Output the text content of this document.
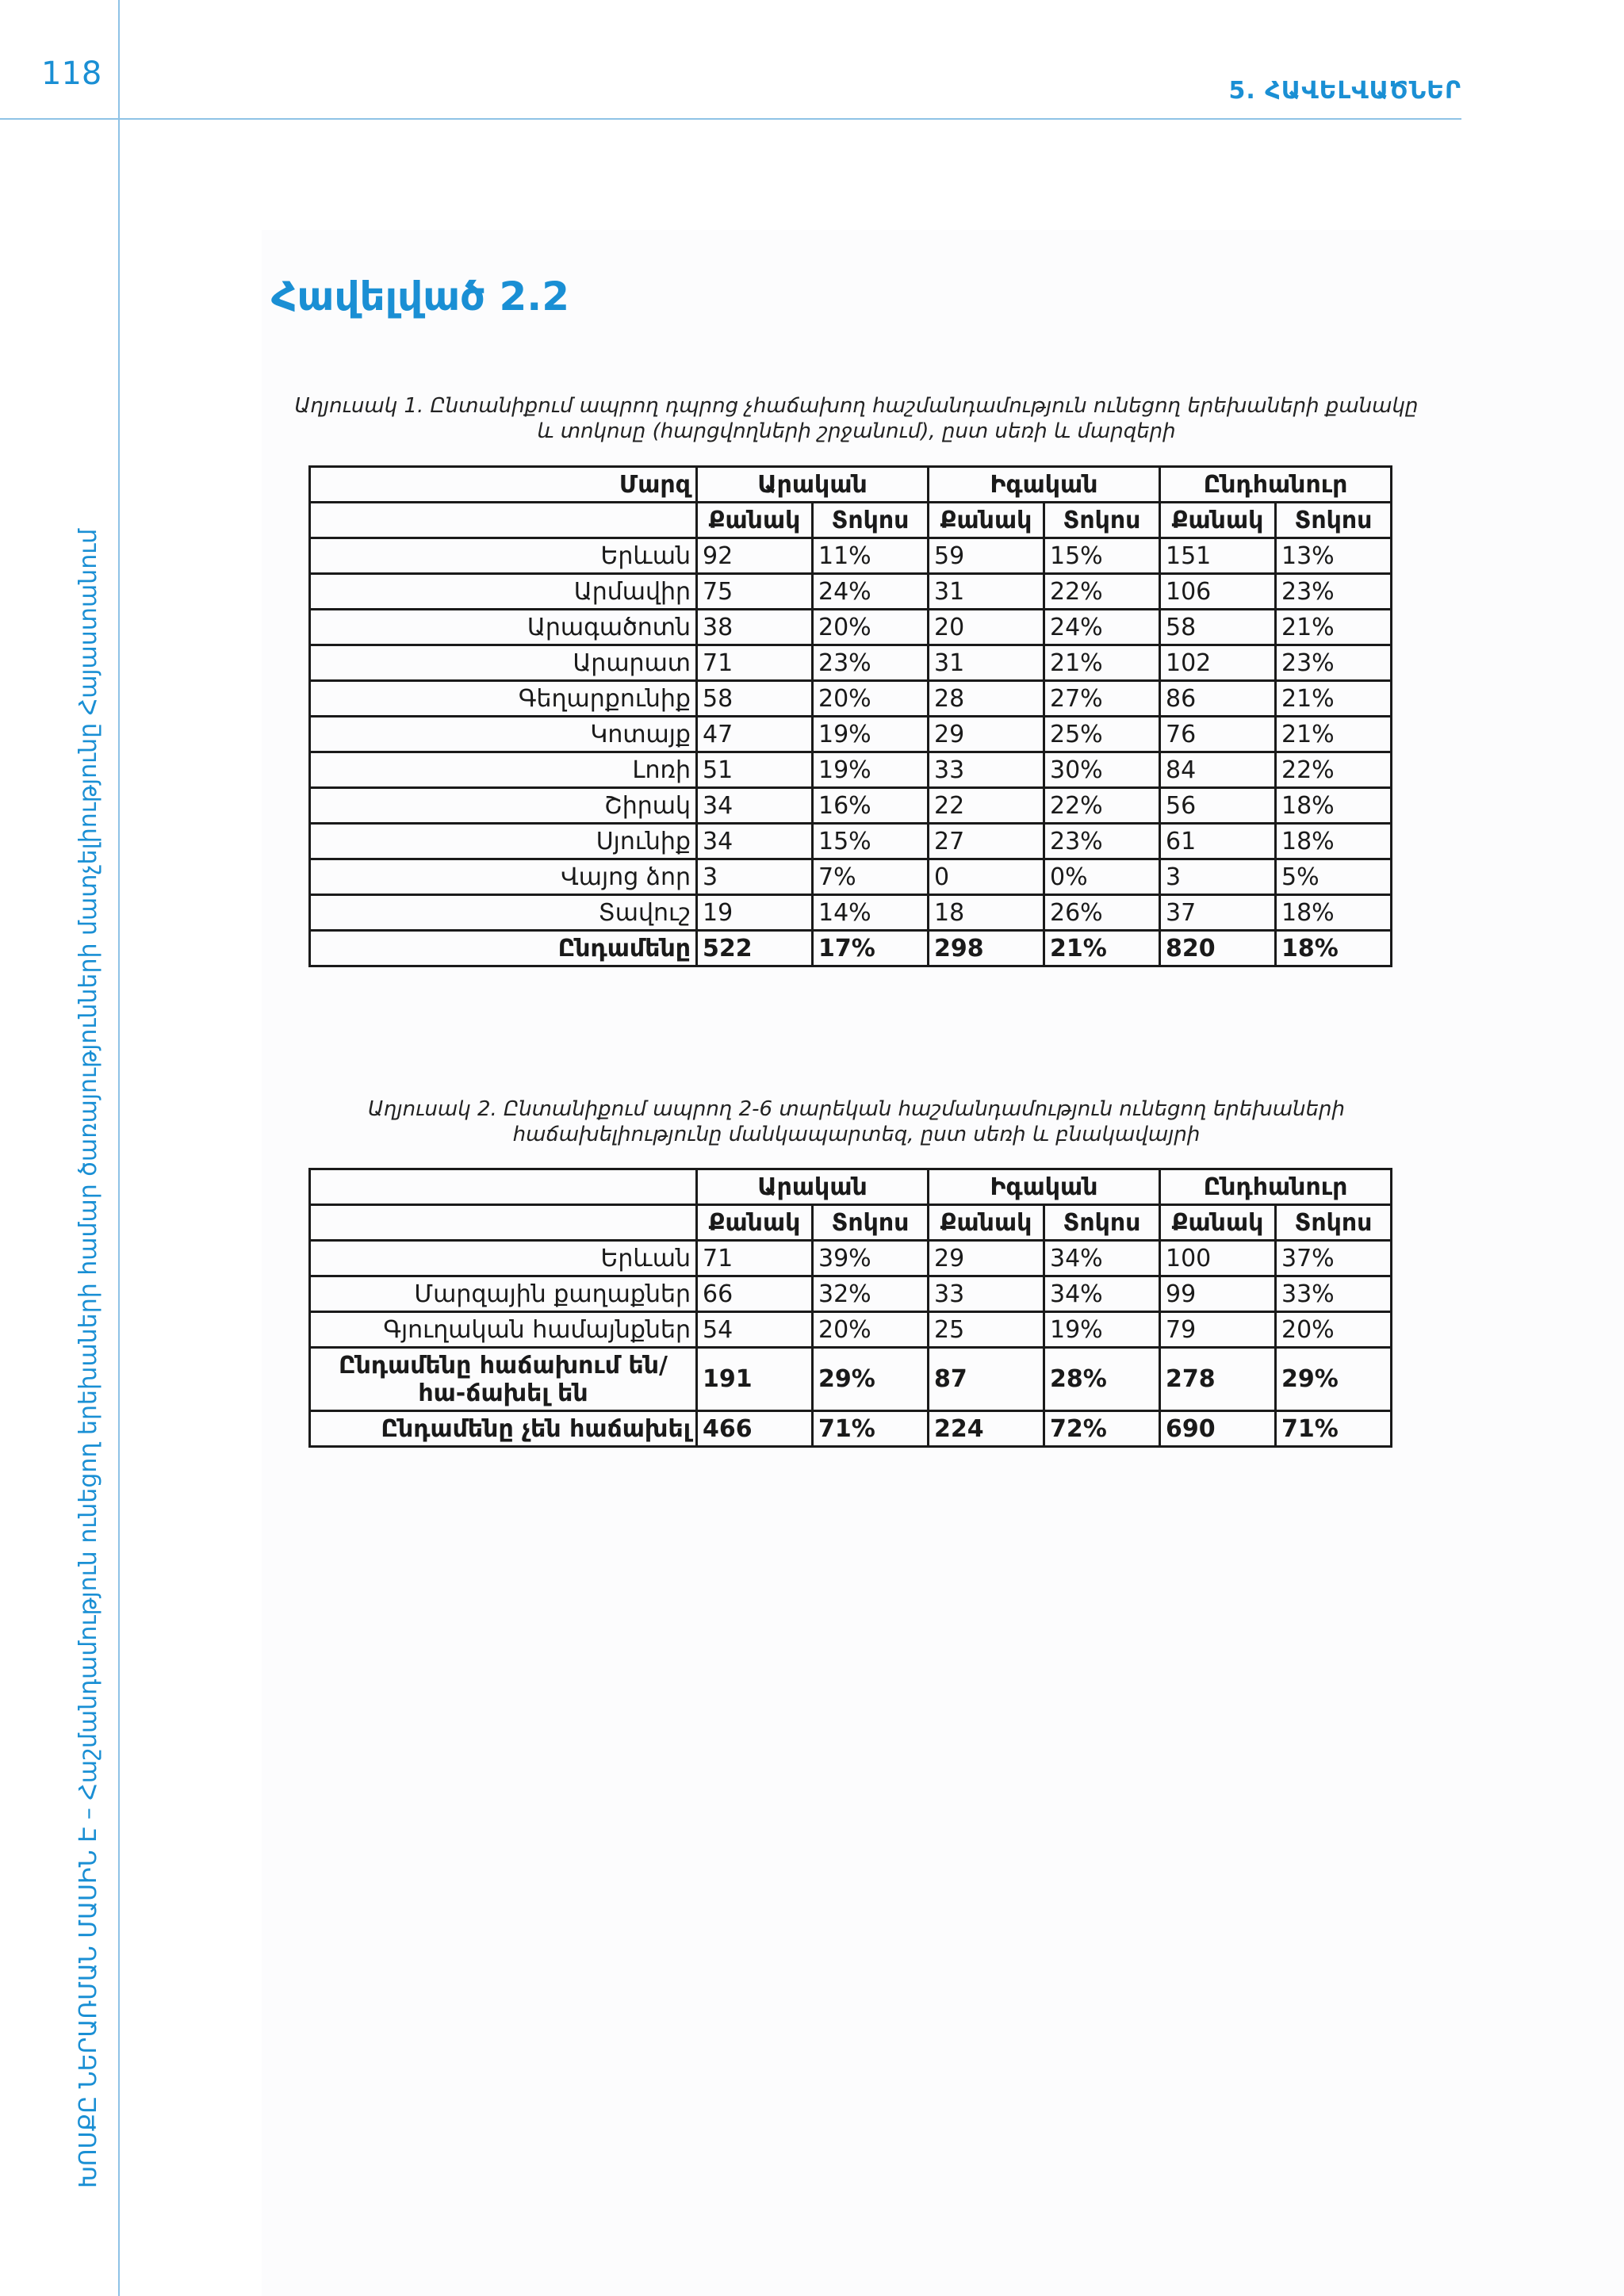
118	5. ՀԱՎԵԼՎԱԾՆԵՐ
ԽՈՍՔԸ ՆԵՐԱՌՄԱՆ ՄԱՍԻՆ Է – Հաշմանդամություն ունեցող երեխաների համար ծառայությունների մատչելիությունը Հայաստանում
Հավելված 2.2
Աղյուսակ 1. Ընտանիքում ապրող դպրոց չհաճախող հաշմանդամություն ունեցող երեխաների քանակը և տոկոսը (հարցվողների շրջանում), ըստ սեռի և մարզերի
Մարզ	Արական		Իգական		Ընդհանուր	
	Քանակ	Տոկոս	Քանակ	Տոկոս	Քանակ	Տոկոս
Երևան	92	11%	59	15%	151	13%
Արմավիր	75	24%	31	22%	106	23%
Արագածոտն	38	20%	20	24%	58	21%
Արարատ	71	23%	31	21%	102	23%
Գեղարքունիք	58	20%	28	27%	86	21%
Կոտայք	47	19%	29	25%	76	21%
Լոռի	51	19%	33	30%	84	22%
Շիրակ	34	16%	22	22%	56	18%
Սյունիք	34	15%	27	23%	61	18%
Վայոց ձոր	3	7%	0	0%	3	5%
Տավուշ	19	14%	18	26%	37	18%
Ընդամենը	522	17%	298	21%	820	18%
Աղյուսակ 2. Ընտանիքում ապրող 2-6 տարեկան հաշմանդամություն ունեցող երեխաների հաճախելիությունը մանկապարտեզ, ըստ սեռի և բնակավայրի
	Արական		Իգական		Ընդհանուր	
	Քանակ	Տոկոս	Քանակ	Տոկոս	Քանակ	Տոկոս
Երևան	71	39%	29	34%	100	37%
Մարզային քաղաքներ	66	32%	33	34%	99	33%
Գյուղական համայնքներ	54	20%	25	19%	79	20%
Ընդամենը հաճախում են/հա-ճախել են	191	29%	87	28%	278	29%
Ընդամենը չեն հաճախել	466	71%	224	72%	690	71%
